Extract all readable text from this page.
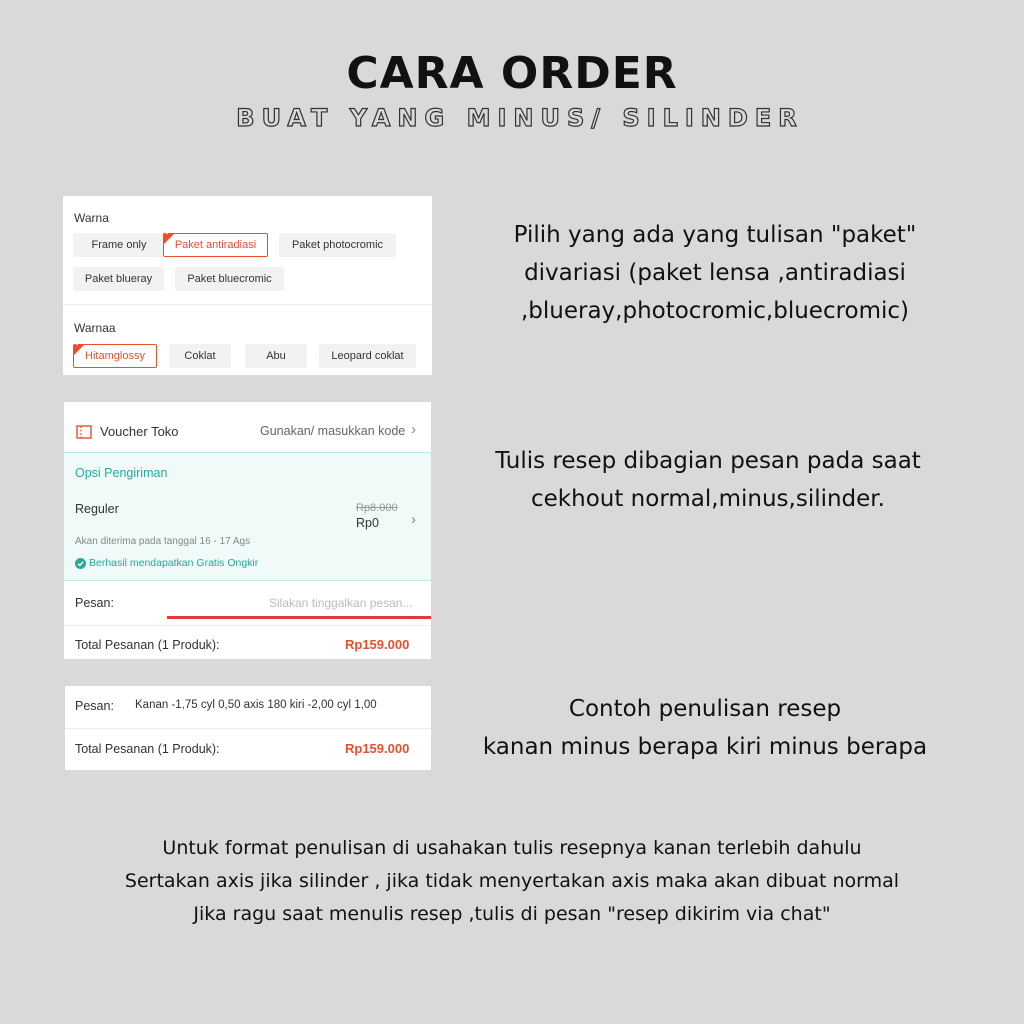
CARA ORDER
BUAT YANG MINUS/ SILINDER
Warna
Frame only
✓
Paket antiradiasi	Paket photocromic
Paket blueray	Paket bluecromic
Warnaa
✓
Hitamglossy	Coklat	Abu	Leopard coklat
Voucher Toko	Gunakan/ masukkan kode ›
Opsi Pengiriman
Reguler	Rp8.000
Rp0 ›
Akan diterima pada tanggal 16 - 17 Ags
Berhasil mendapatkan Gratis Ongkir
Pesan:	Silakan tinggalkan pesan...
Total Pesanan (1 Produk):	Rp159.000
Pesan: Kanan -1,75 cyl 0,50 axis 180 kiri -2,00 cyl 1,00
Total Pesanan (1 Produk):	Rp159.000
Pilih yang ada yang tulisan "paket"
divariasi (paket lensa ,antiradiasi
,blueray,photocromic,bluecromic)
Tulis resep dibagian pesan pada saat
cekhout normal,minus,silinder.
Contoh penulisan resep
kanan minus berapa kiri minus berapa
Untuk format penulisan di usahakan tulis resepnya kanan terlebih dahulu
Sertakan axis jika silinder , jika tidak menyertakan axis maka akan dibuat normal
Jika ragu saat menulis resep ,tulis di pesan "resep dikirim via chat"
